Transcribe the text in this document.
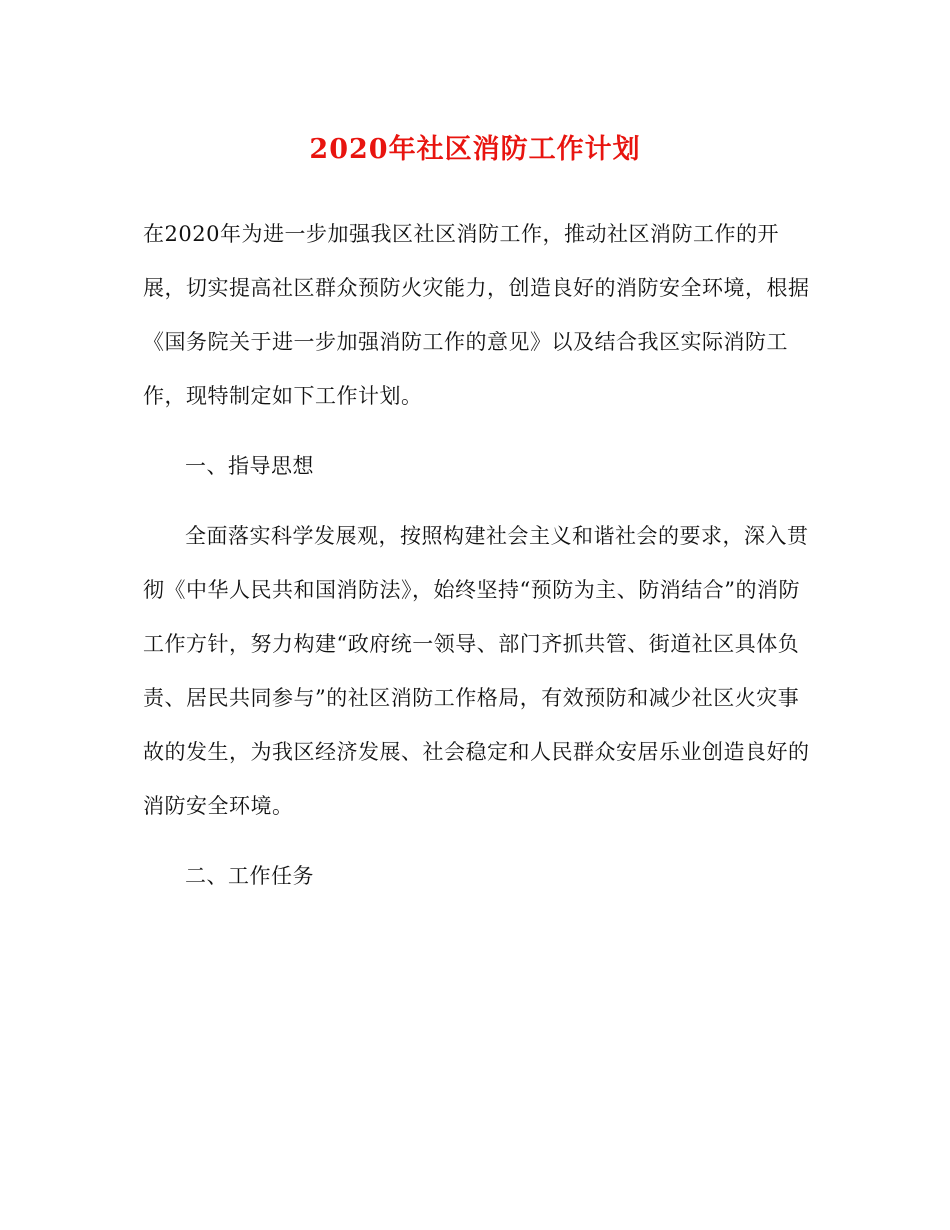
2020年社区消防工作计划

在2020年为进一步加强我区社区消防工作，推动社区消防工作的开展，切实提高社区群众预防火灾能力，创造良好的消防安全环境，根据《国务院关于进一步加强消防工作的意见》以及结合我区实际消防工作，现特制定如下工作计划。

一、指导思想

全面落实科学发展观，按照构建社会主义和谐社会的要求，深入贯彻《中华人民共和国消防法》，始终坚持“预防为主、防消结合”的消防工作方针，努力构建“政府统一领导、部门齐抓共管、街道社区具体负责、居民共同参与”的社区消防工作格局，有效预防和减少社区火灾事故的发生，为我区经济发展、社会稳定和人民群众安居乐业创造良好的消防安全环境。

二、工作任务
